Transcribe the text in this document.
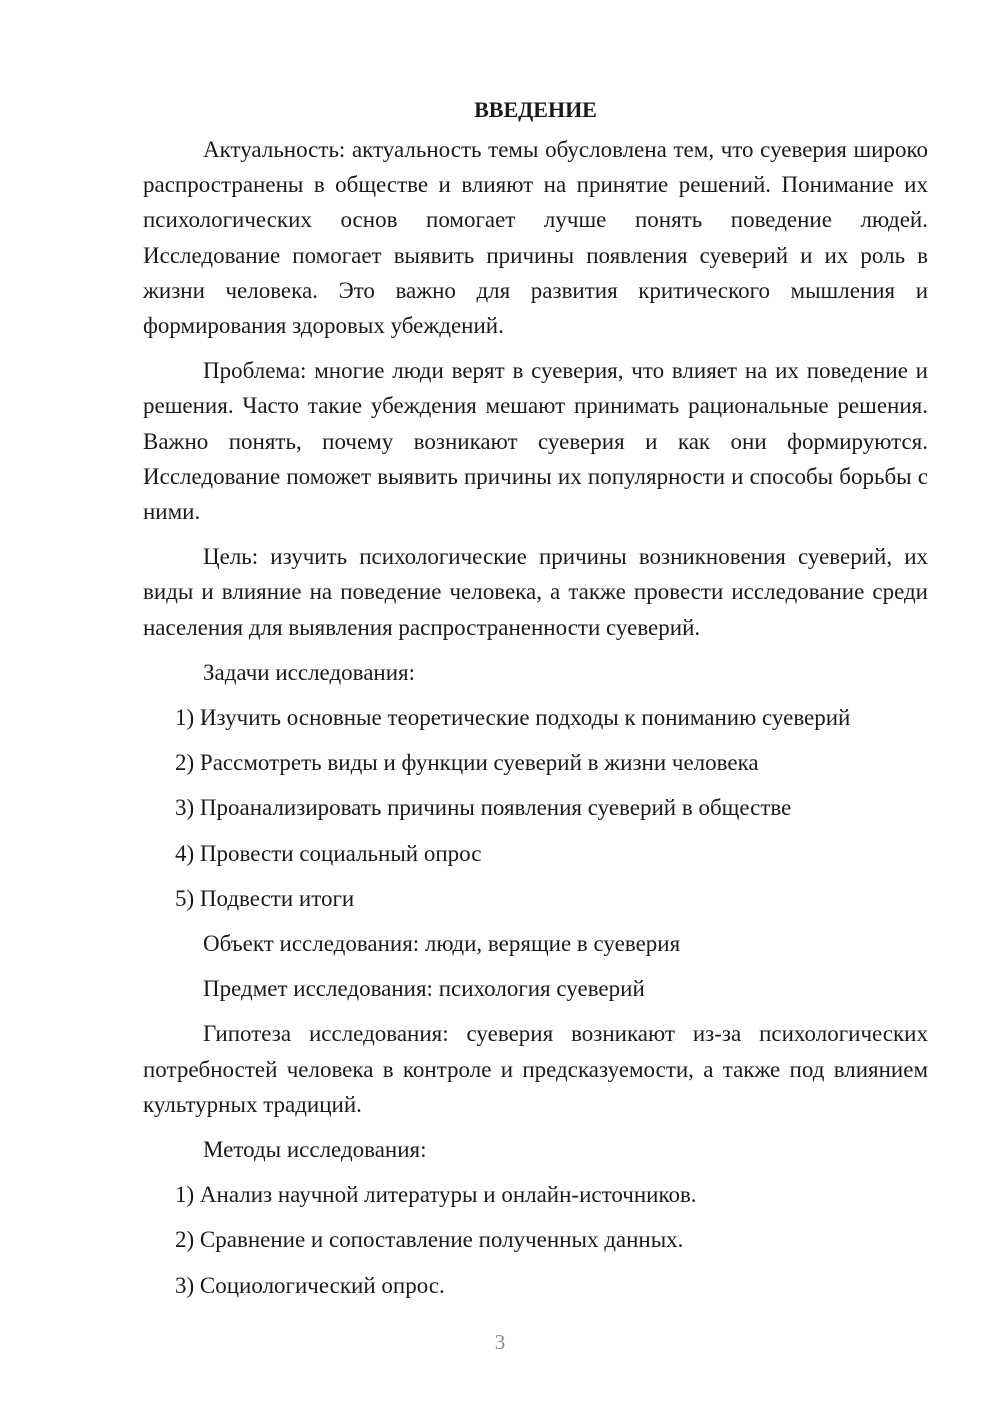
ВВЕДЕНИЕ

Актуальность: актуальность темы обусловлена тем, что суеверия широко распространены в обществе и влияют на принятие решений. Понимание их психологических основ помогает лучше понять поведение людей. Исследование помогает выявить причины появления суеверий и их роль в жизни человека. Это важно для развития критического мышления и формирования здоровых убеждений.

Проблема: многие люди верят в суеверия, что влияет на их поведение и решения. Часто такие убеждения мешают принимать рациональные решения. Важно понять, почему возникают суеверия и как они формируются. Исследование поможет выявить причины их популярности и способы борьбы с ними.

Цель: изучить психологические причины возникновения суеверий, их виды и влияние на поведение человека, а также провести исследование среди населения для выявления распространенности суеверий.

Задачи исследования:
1) Изучить основные теоретические подходы к пониманию суеверий
2) Рассмотреть виды и функции суеверий в жизни человека
3) Проанализировать причины появления суеверий в обществе
4) Провести социальный опрос
5) Подвести итоги
Объект исследования: люди, верящие в суеверия
Предмет исследования: психология суеверий

Гипотеза исследования: суеверия возникают из-за психологических потребностей человека в контроле и предсказуемости, а также под влиянием культурных традиций.

Методы исследования:
1) Анализ научной литературы и онлайн-источников.
2) Сравнение и сопоставление полученных данных.
3) Социологический опрос.
3
